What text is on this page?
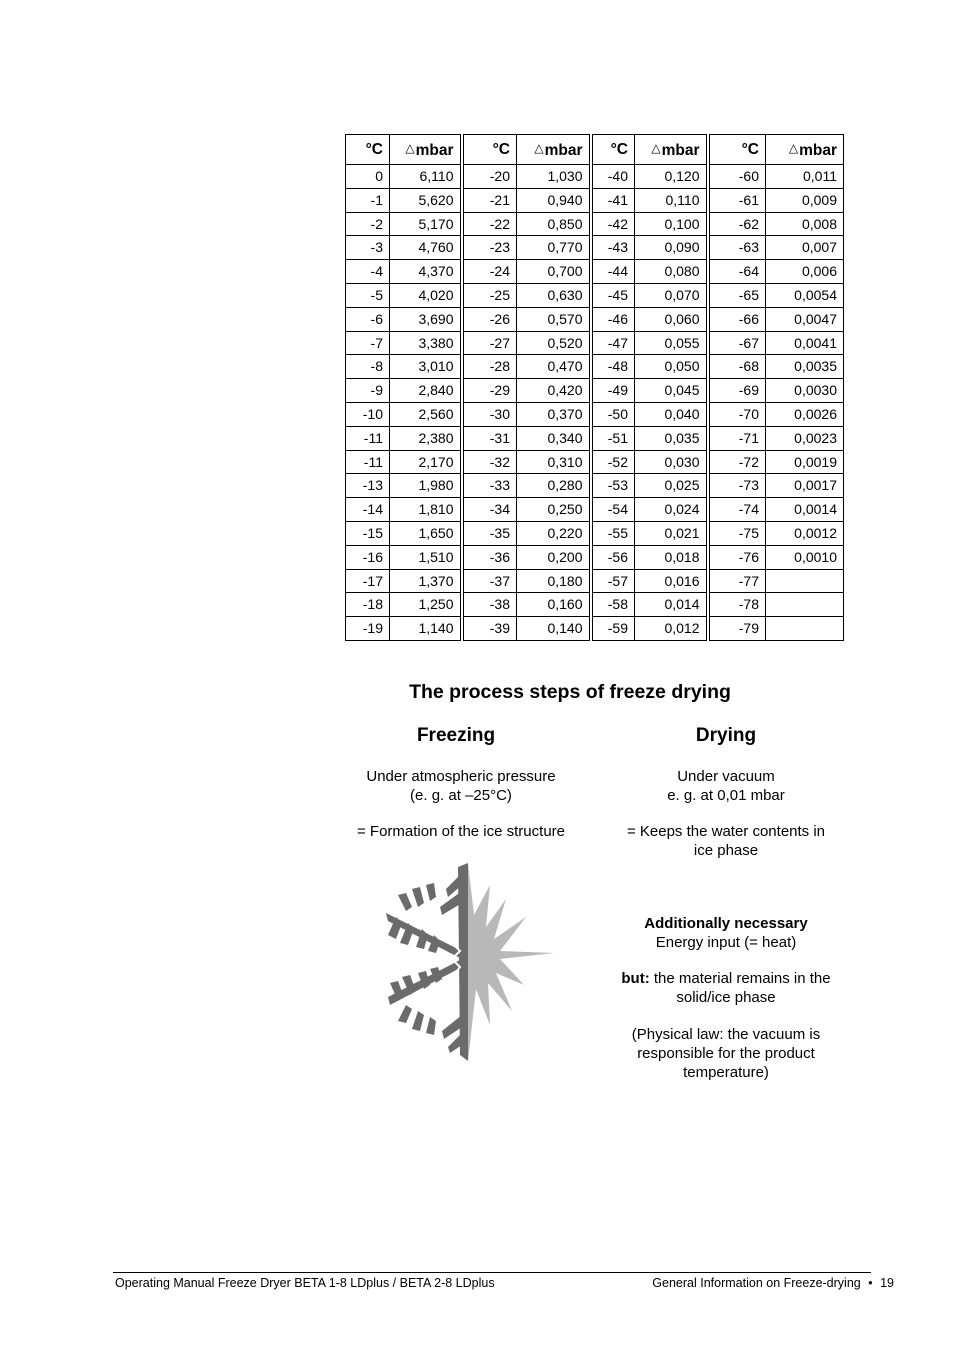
°C	△mbar	°C	△mbar	°C	△mbar	°C	△mbar
0	6,110	-20	1,030	-40	0,120	-60	0,011
-1	5,620	-21	0,940	-41	0,110	-61	0,009
-2	5,170	-22	0,850	-42	0,100	-62	0,008
-3	4,760	-23	0,770	-43	0,090	-63	0,007
-4	4,370	-24	0,700	-44	0,080	-64	0,006
-5	4,020	-25	0,630	-45	0,070	-65	0,0054
-6	3,690	-26	0,570	-46	0,060	-66	0,0047
-7	3,380	-27	0,520	-47	0,055	-67	0,0041
-8	3,010	-28	0,470	-48	0,050	-68	0,0035
-9	2,840	-29	0,420	-49	0,045	-69	0,0030
-10	2,560	-30	0,370	-50	0,040	-70	0,0026
-11	2,380	-31	0,340	-51	0,035	-71	0,0023
-11	2,170	-32	0,310	-52	0,030	-72	0,0019
-13	1,980	-33	0,280	-53	0,025	-73	0,0017
-14	1,810	-34	0,250	-54	0,024	-74	0,0014
-15	1,650	-35	0,220	-55	0,021	-75	0,0012
-16	1,510	-36	0,200	-56	0,018	-76	0,0010
-17	1,370	-37	0,180	-57	0,016	-77	
-18	1,250	-38	0,160	-58	0,014	-78	
-19	1,140	-39	0,140	-59	0,012	-79	
The process steps of freeze drying
Freezing	Drying
Under atmospheric pressure
(e. g. at –25°C)
= Formation of the ice structure
Under vacuum
e. g. at 0,01 mbar
= Keeps the water contents in
ice phase
Additionally necessary
Energy input (= heat)
but: the material remains in the
solid/ice phase
(Physical law: the vacuum is
responsible for the product
temperature)
Operating Manual Freeze Dryer BETA 1-8 LDplus / BETA 2-8 LDplus	General Information on Freeze-drying • 19
